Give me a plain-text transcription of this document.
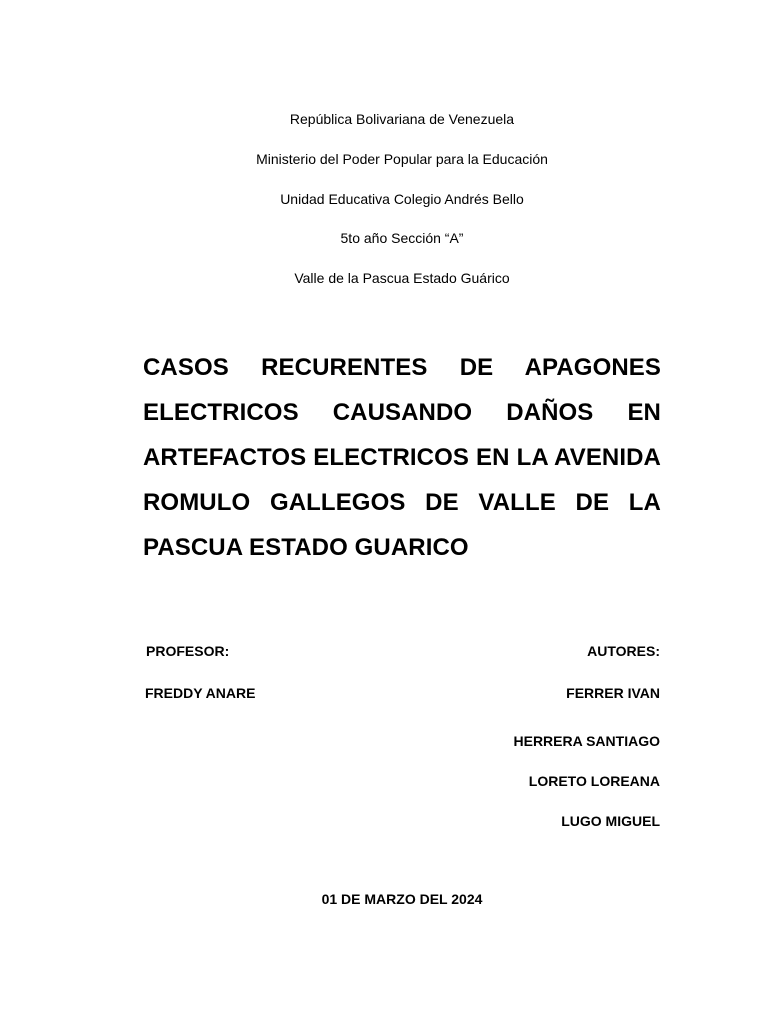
República Bolivariana de Venezuela
Ministerio del Poder Popular para la Educación
Unidad Educativa Colegio Andrés Bello
5to año Sección “A”
Valle de la Pascua Estado Guárico
CASOS RECURENTES DE APAGONES ELECTRICOS CAUSANDO DAÑOS EN ARTEFACTOS ELECTRICOS EN LA AVENIDA ROMULO GALLEGOS DE VALLE DE LA PASCUA ESTADO GUARICO
PROFESOR:	AUTORES:
FREDDY ANARE	FERRER IVAN
HERRERA SANTIAGO
LORETO LOREANA
LUGO MIGUEL
01 DE MARZO DEL 2024
